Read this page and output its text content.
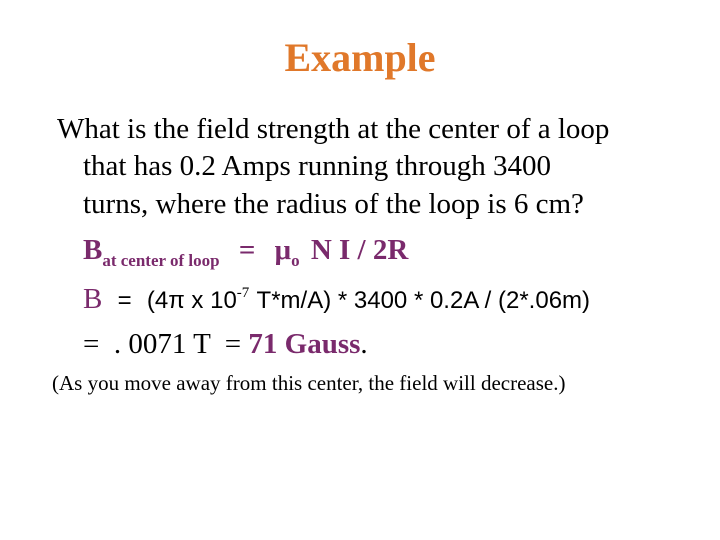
Example
What is the field strength at the center of a loop
that has 0.2 Amps running through 3400
turns, where the radius of the loop is 6 cm?
$B_{at center of loop} = \mu_o$ N I / 2R
B = (4π x $10^{-7}$ T*m/A) * 3400 * 0.2A / (2*.06m)
=  . 0071 T  = 71 Gauss.
(As you move away from this center, the field will decrease.)
